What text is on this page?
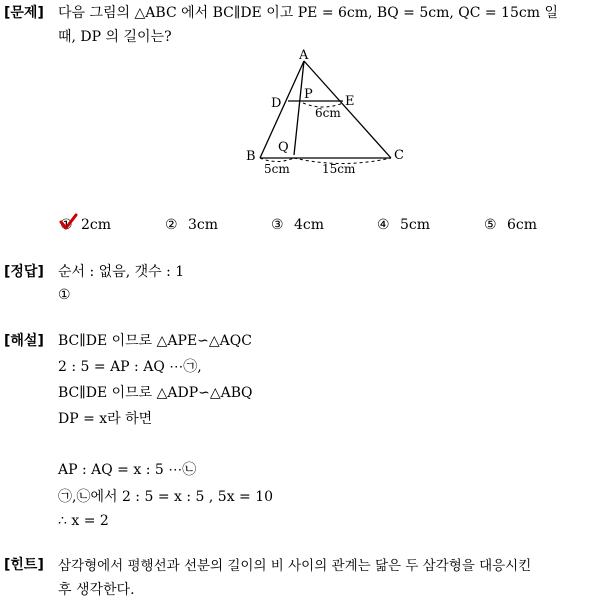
[문제] 다음 그림의 △ABC 에서 BC∥DE 이고 PE = 6cm, BQ = 5cm, QC = 15cm 일
때, DP 의 길이는?
A
D
P E
Q
B	C
6cm
5cm	15cm
① 2cm	② 3cm	③ 4cm	④ 5cm	⑤ 6cm
[정답] 순서 : 없음, 갯수 : 1
①
[해설] BC∥DE 이므로 △APE∽△AQC
2 : 5 = AP : AQ ⋯㉠,
BC∥DE 이므로 △ADP∽△ABQ
DP = x라 하면
AP : AQ = x : 5 ⋯㉡
㉠,㉡에서 2 : 5 = x : 5 , 5x = 10
∴ x = 2
[힌트] 삼각형에서 평행선과 선분의 길이의 비 사이의 관계는 닮은 두 삼각형을 대응시킨
후 생각한다.
